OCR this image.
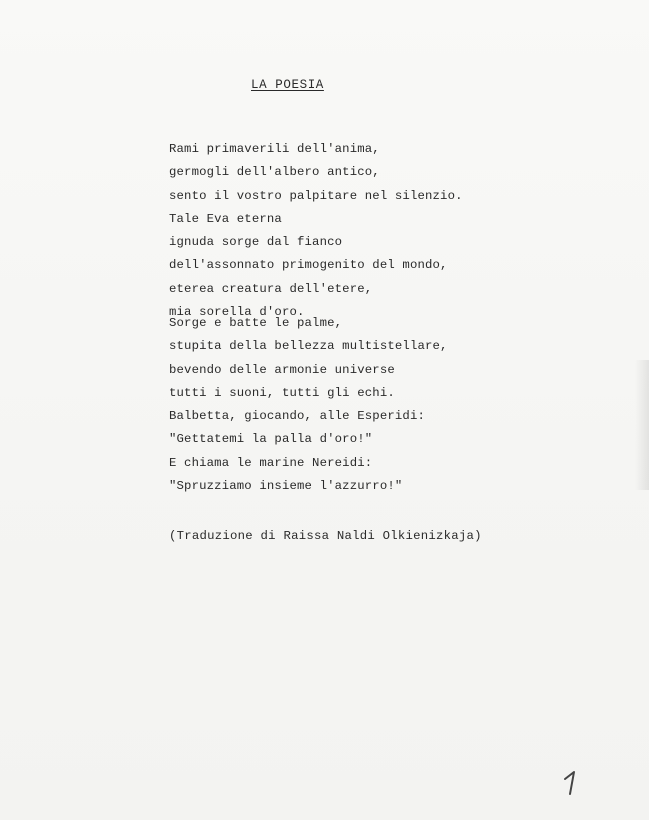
LA POESIA
Rami primaverili dell'anima,
germogli dell'albero antico,
sento il vostro palpitare nel silenzio.
Tale Eva eterna
ignuda sorge dal fianco
dell'assonnato primogenito del mondo,
eterea creatura dell'etere,
mia sorella d'oro.
Sorge e batte le palme,
stupita della bellezza multistellare,
bevendo delle armonie universe
tutti i suoni, tutti gli echi.
Balbetta, giocando, alle Esperidi:
"Gettatemi la palla d'oro!"
E chiama le marine Nereidi:
"Spruzziamo insieme l'azzurro!"
(Traduzione di Raissa Naldi Olkienizkaja)
